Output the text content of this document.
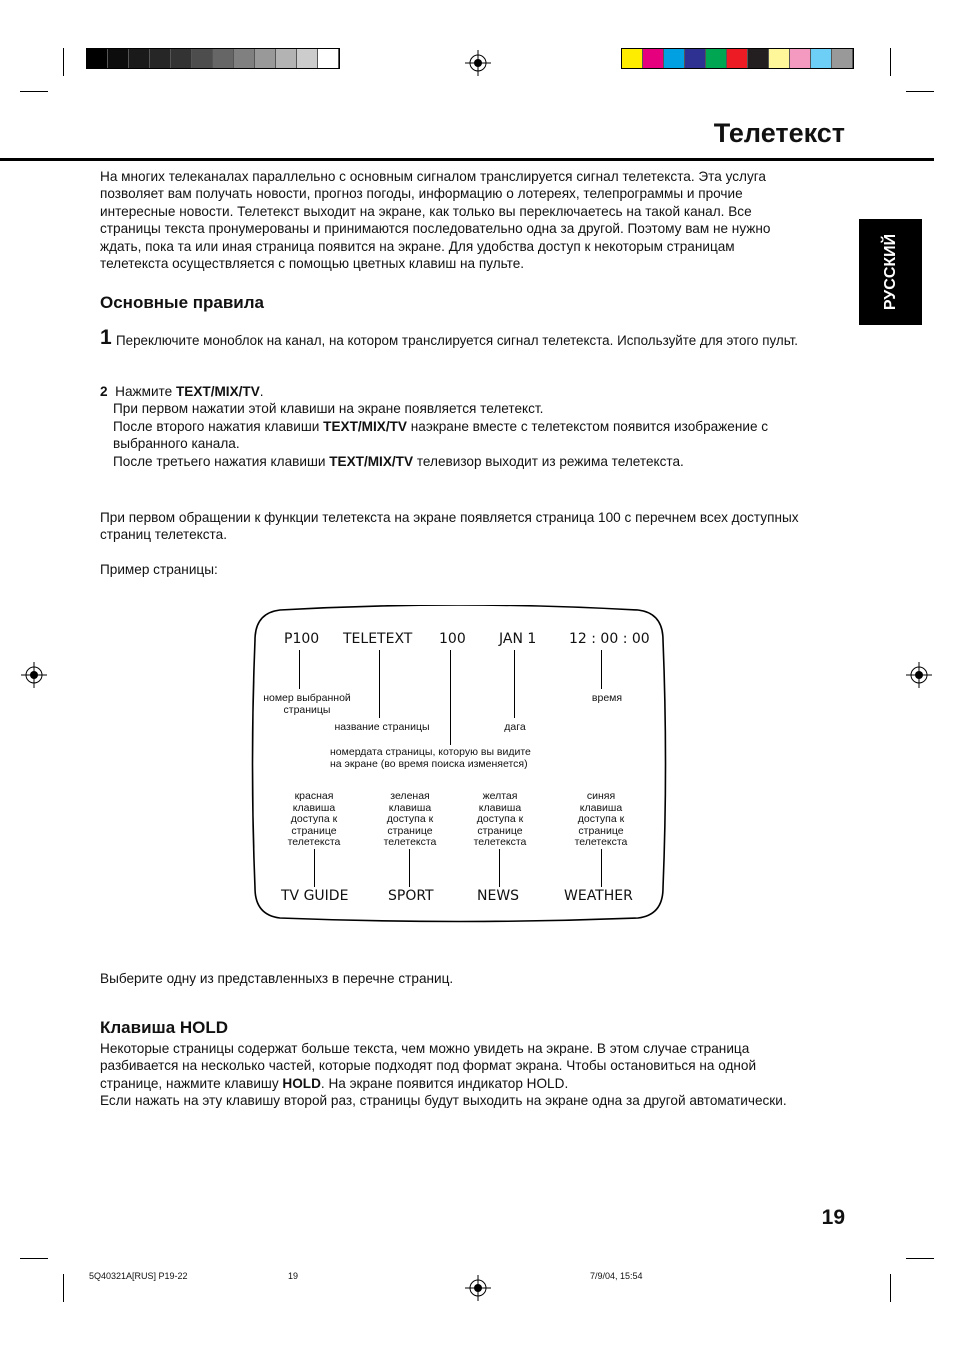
Телетекст
РУССКИЙ

На многих телеканалах параллельно с основным сигналом транслируется сигнал телетекста. Эта услуга

позволяет вам получать новости, прогноз погоды, информацию о лотереях, телепрограммы и прочие

интересные новости. Телетекст выходит на экране, как только вы переключаетесь на такой канал. Все

страницы текста пронумерованы и принимаются последовательно одна за другой. Поэтому вам не нужно

ждать, пока та или иная страница появится на экране. Для удобства доступ к некоторым страницам

телетекста осуществляется с помощью цветных клавиш на пульте.

Основные правила
1 Переключите моноблок на канал, на котором транслируется сигнал телетекста. Используйте для этого пульт.

2 Нажмите TEXT/MIX/TV.

При первом нажатии этой клавиши на экране появляется телетекст.

После второго нажатия клавиши TEXT/MIX/TV наэкране вместе с телетекстом появится изображение с

выбранного канала.

После третьего нажатия клавиши TEXT/MIX/TV телевизор выходит из режима телетекста.

При первом обращении к функции телетекста на экране появляется страница 100 с перечнем всех доступных

страниц телетекста.

Пример страницы:
P100 TELETEXT 100 JAN 1 12 : 00 : 00
номер выбранной
страницы
название страницы	дага
время
номердата страницы, которую вы видите
на экране (во время поиска изменяется)
красная
клавиша
доступа к
странице
телетекста
зеленая
клавиша
доступа к
странице
телетекста
желтая
клавиша
доступа к
странице
телетекста
синяя
клавиша
доступа к
странице
телетекста
TV GUIDE	SPORT	NEWS	WEATHER
Выберите одну из представленныхз в перечне страниц.
Клавиша HOLD

Некоторые страницы содержат больше текста, чем можно увидеть на экране. В этом случае страница

разбивается на несколько частей, которые подходят под формат экрана. Чтобы остановиться на одной

странице, нажмите клавишу HOLD. На экране появится индикатор HOLD.

Если нажать на эту клавишу второй раз, страницы будут выходить на экране одна за другой автоматически.

19
5Q40321A[RUS] P19-22	19	7/9/04, 15:54
